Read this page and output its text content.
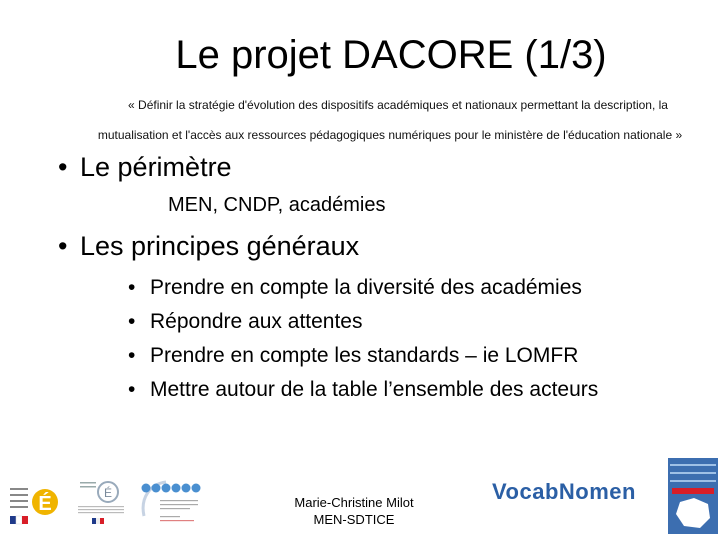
Le projet DACORE (1/3)
« Définir la stratégie d'évolution des dispositifs académiques et nationaux permettant la description, la
mutualisation et l'accès aux ressources pédagogiques numériques pour le ministère de l'éducation nationale »
• Le périmètre
MEN, CNDP, académies
• Les principes généraux
• Prendre en compte la diversité des académies
• Répondre aux attentes
• Prendre en compte les standards – ie LOMFR
• Mettre autour de la table l’ensemble des acteurs
É	É
Marie-Christine Milot
MEN-SDTICE
VocabNomen
